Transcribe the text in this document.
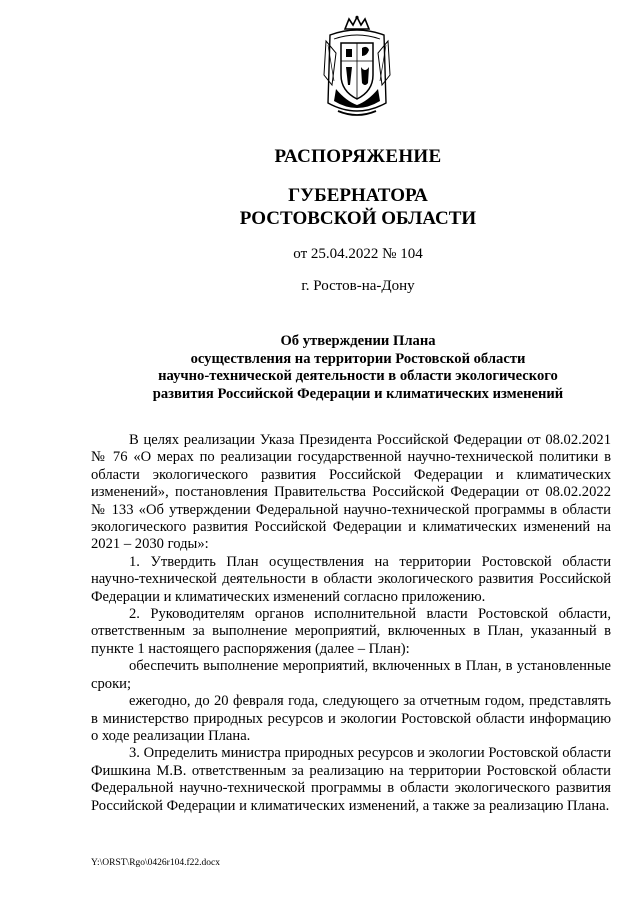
РАСПОРЯЖЕНИЕ
ГУБЕРНАТОРА
РОСТОВСКОЙ ОБЛАСТИ
от 25.04.2022 № 104
г. Ростов-на-Дону
Об утверждении Плана
осуществления на территории Ростовской области
научно-технической деятельности в области экологического
развития Российской Федерации и климатических изменений

В целях реализации Указа Президента Российской Федерации от 08.02.2021 № 76 «О мерах по реализации государственной научно-технической политики в области экологического развития Российской Федерации и климатических изменений», постановления Правительства Российской Федерации от 08.02.2022 № 133 «Об утверждении Федеральной научно-технической программы в области экологического развития Российской Федерации и климатических изменений на 2021 – 2030 годы»:

1. Утвердить План осуществления на территории Ростовской области научно-технической деятельности в области экологического развития Российской Федерации и климатических изменений согласно приложению.

2. Руководителям органов исполнительной власти Ростовской области, ответственным за выполнение мероприятий, включенных в План, указанный в пункте 1 настоящего распоряжения (далее – План):

обеспечить выполнение мероприятий, включенных в План, в установленные сроки;

ежегодно, до 20 февраля года, следующего за отчетным годом, представлять в министерство природных ресурсов и экологии Ростовской области информацию о ходе реализации Плана.

3. Определить министра природных ресурсов и экологии Ростовской области Фишкина М.В. ответственным за реализацию на территории Ростовской области Федеральной научно-технической программы в области экологического развития Российской Федерации и климатических изменений, а также за реализацию Плана.

Y:\ORST\Rgo\0426r104.f22.docx
